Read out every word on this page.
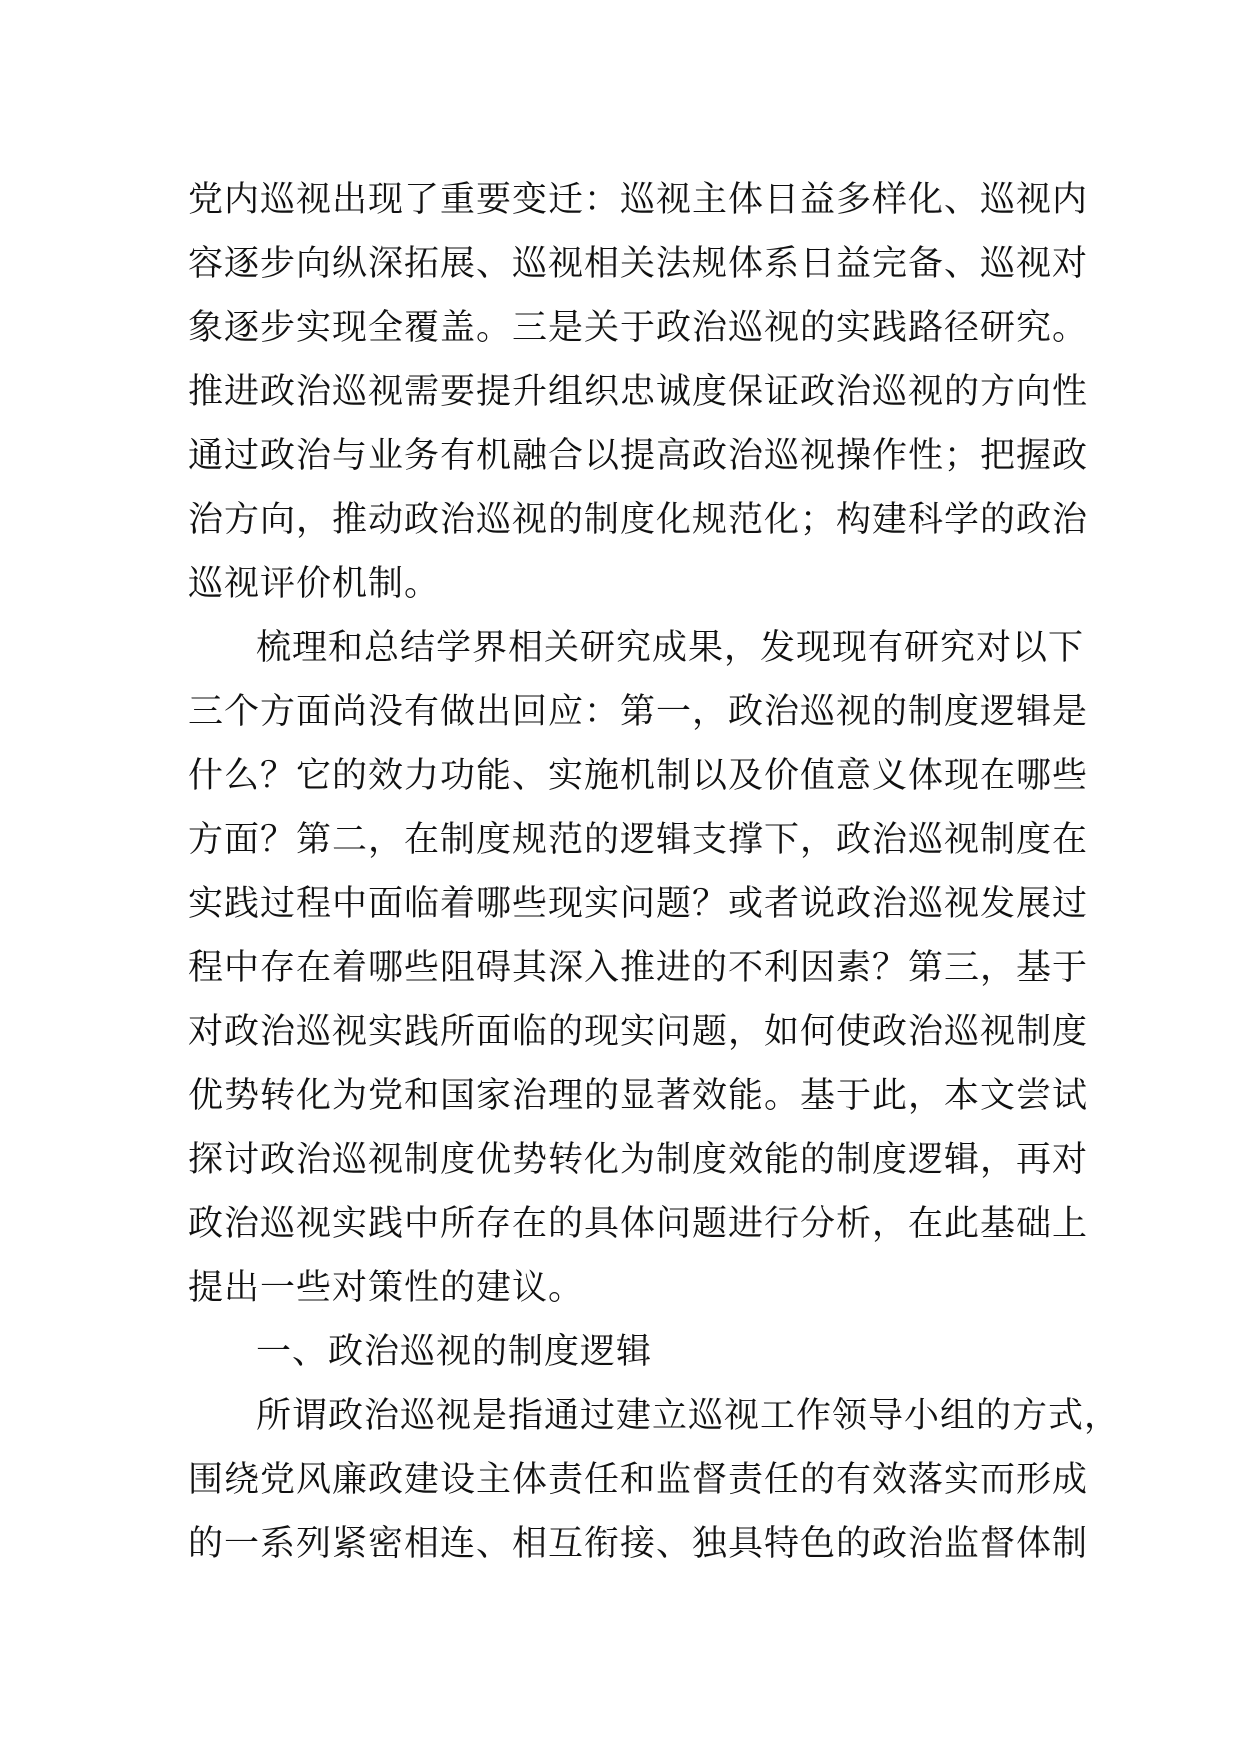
党内巡视出现了重要变迁：巡视主体日益多样化、巡视内
容逐步向纵深拓展、巡视相关法规体系日益完备、巡视对
象逐步实现全覆盖。三是关于政治巡视的实践路径研究。
推进政治巡视需要提升组织忠诚度保证政治巡视的方向性
通过政治与业务有机融合以提高政治巡视操作性；把握政
治方向，推动政治巡视的制度化规范化；构建科学的政治
巡视评价机制。
梳理和总结学界相关研究成果，发现现有研究对以下
三个方面尚没有做出回应：第一，政治巡视的制度逻辑是
什么？它的效力功能、实施机制以及价值意义体现在哪些
方面？第二，在制度规范的逻辑支撑下，政治巡视制度在
实践过程中面临着哪些现实问题？或者说政治巡视发展过
程中存在着哪些阻碍其深入推进的不利因素？第三，基于
对政治巡视实践所面临的现实问题，如何使政治巡视制度
优势转化为党和国家治理的显著效能。基于此，本文尝试
探讨政治巡视制度优势转化为制度效能的制度逻辑，再对
政治巡视实践中所存在的具体问题进行分析，在此基础上
提出一些对策性的建议。
一、政治巡视的制度逻辑
所谓政治巡视是指通过建立巡视工作领导小组的方式，
围绕党风廉政建设主体责任和监督责任的有效落实而形成
的一系列紧密相连、相互衔接、独具特色的政治监督体制
